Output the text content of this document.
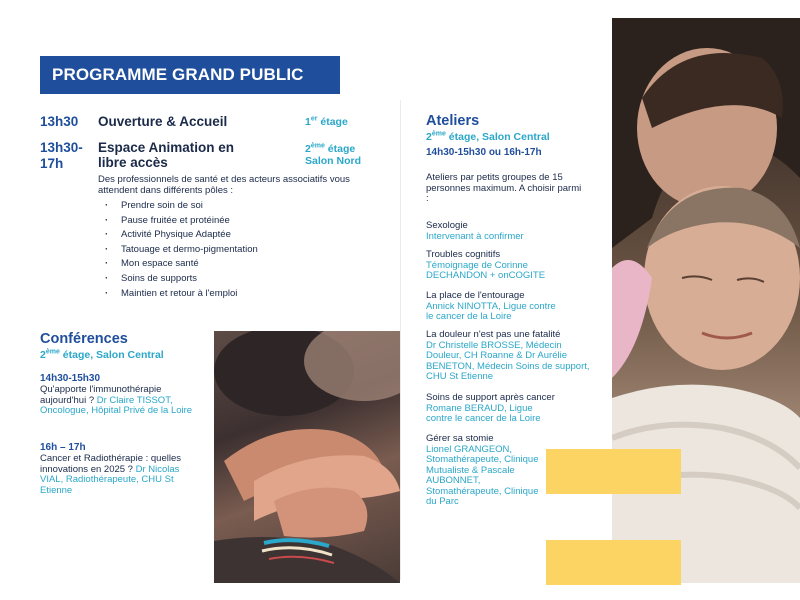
PROGRAMME GRAND PUBLIC
13h30 Ouverture & Accueil	1er étage
13h30-17h
Espace Animation en libre accès
2ème étage
Salon Nord
Des professionnels de santé et des acteurs associatifs vous attendent dans différents pôles :
· Prendre soin de soi
· Pause fruitée et protéinée
· Activité Physique Adaptée
· Tatouage et dermo-pigmentation
· Mon espace santé
· Soins de supports
· Maintien et retour à l'emploi
Conférences
2ème étage, Salon Central
14h30-15h30
Qu'apporte l'immunothérapie aujourd'hui ? Dr Claire TISSOT, Oncologue, Hôpital Privé de la Loire
16h – 17h
Cancer et Radiothérapie : quelles innovations en 2025 ? Dr Nicolas VIAL, Radiothérapeute, CHU St Etienne
Ateliers
2ème étage, Salon Central
14h30-15h30 ou 16h-17h
Ateliers par petits groupes de 15 personnes maximum. A choisir parmi :
Sexologie
Intervenant à confirmer
Troubles cognitifs
Témoignage de Corinne DECHANDON + onCOGITE
La place de l'entourage
Annick NINOTTA, Ligue contre le cancer de la Loire
La douleur n'est pas une fatalité
Dr Christelle BROSSE, Médecin Douleur, CH Roanne & Dr Aurélie BENETON, Médecin Soins de support, CHU St Etienne
Soins de support après cancer
Romane BERAUD, Ligue contre le cancer de la Loire
Gérer sa stomie
Lionel GRANGEON, Stomathérapeute, Clinique Mutualiste & Pascale AUBONNET, Stomathérapeute, Clinique du Parc
